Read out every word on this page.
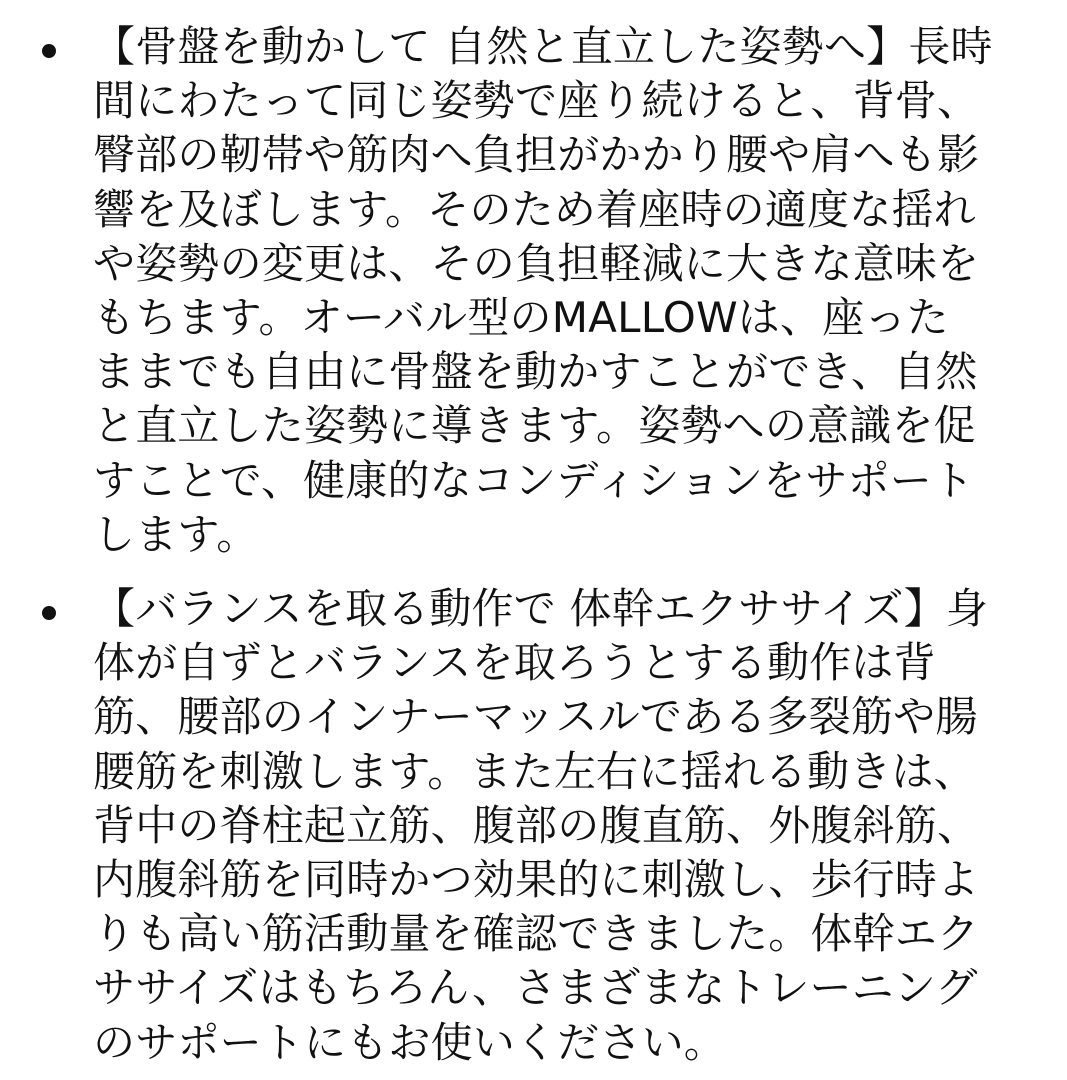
【骨盤を動かして 自然と直立した姿勢へ】長時
間にわたって同じ姿勢で座り続けると、背骨、
臀部の靭帯や筋肉へ負担がかかり腰や肩へも影
響を及ぼします。そのため着座時の適度な揺れ
や姿勢の変更は、その負担軽減に大きな意味を
もちます。オーバル型のMALLOWは、座った
ままでも自由に骨盤を動かすことができ、自然
と直立した姿勢に導きます。姿勢への意識を促
すことで、健康的なコンディションをサポート
します。
【バランスを取る動作で 体幹エクササイズ】身
体が自ずとバランスを取ろうとする動作は背
筋、腰部のインナーマッスルである多裂筋や腸
腰筋を刺激します。また左右に揺れる動きは、
背中の脊柱起立筋、腹部の腹直筋、外腹斜筋、
内腹斜筋を同時かつ効果的に刺激し、歩行時よ
りも高い筋活動量を確認できました。体幹エク
ササイズはもちろん、さまざまなトレーニング
のサポートにもお使いください。
